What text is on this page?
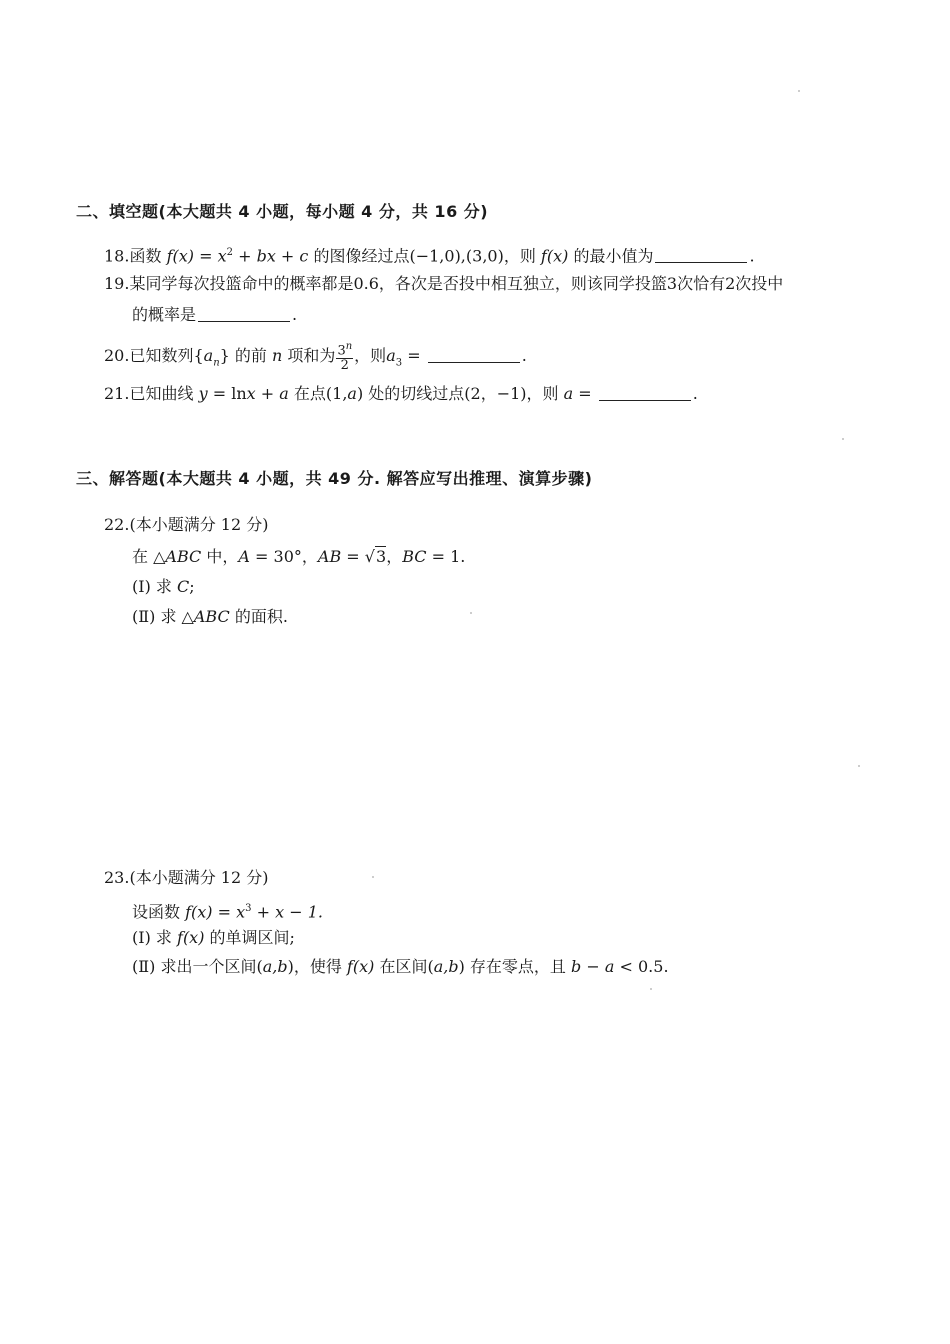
二、填空题(本大题共 4 小题，每小题 4 分，共 16 分)
18.函数 $f(x) = x^2$ + bx + c 的图像经过点(−1,0),(3,0)，则 f(x) 的最小值为	.
19.某同学每次投篮命中的概率都是0.6，各次是否投中相互独立，则该同学投篮3次恰有2次投中
的概率是	.
20.已知数列$\{a_n\}$ 的前 n 项和为 $\frac{3^n}{2}$ ，则$a_3$ =	.
21.已知曲线 y = lnx + a 在点(1,a) 处的切线过点(2，−1)，则 a =	.
三、解答题(本大题共 4 小题，共 49 分. 解答应写出推理、演算步骤)
22.(本小题满分 12 分)
在 △ABC 中，A = 30°，AB = √3，BC = 1.
(Ⅰ) 求 C;
(Ⅱ) 求 △ABC 的面积.
23.(本小题满分 12 分)
设函数 $f(x) = x^3 + x - 1$.
(Ⅰ) 求 f(x) 的单调区间;
(Ⅱ) 求出一个区间(a,b)，使得 f(x) 在区间(a,b) 存在零点，且 b − a < 0.5.
